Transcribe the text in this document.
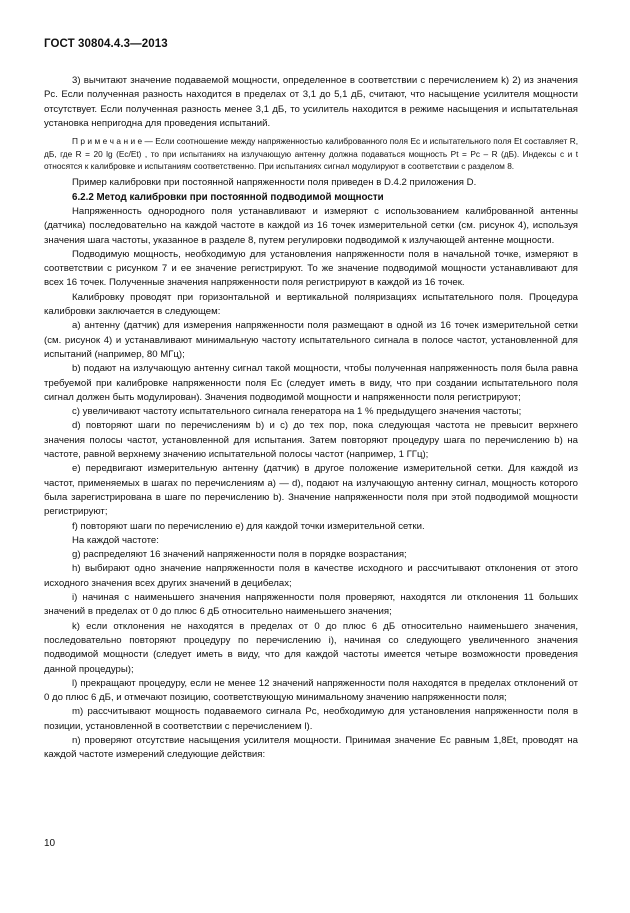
ГОСТ 30804.4.3—2013

3) вычитают значение подаваемой мощности, определенное в соответствии с перечислением k) 2) из значения Pc. Если полученная разность находится в пределах от 3,1 до 5,1 дБ, считают, что насыщение усилителя мощности отсутствует. Если полученная разность менее 3,1 дБ, то усилитель находится в режиме насыщения и испытательная установка непригодна для проведения испытаний.

П р и м е ч а н и е — Если соотношение между напряженностью калиброванного поля Ec и испытательного поля Et составляет R, дБ, где R = 20 lg (Ec/Et) , то при испытаниях на излучающую антенну должна подаваться мощность Pt = Pc – R (дБ). Индексы с и t относятся к калибровке и испытаниям соответственно. При испытаниях сигнал модулируют в соответствии с разделом 8.

Пример калибровки при постоянной напряженности поля приведен в D.4.2 приложения D.

6.2.2 Метод калибровки при постоянной подводимой мощности

Напряженность однородного поля устанавливают и измеряют с использованием калиброванной антенны (датчика) последовательно на каждой частоте в каждой из 16 точек измерительной сетки (см. рисунок 4), используя значения шага частоты, указанное в разделе 8, путем регулировки подводимой к излучающей антенне мощности.

Подводимую мощность, необходимую для установления напряженности поля в начальной точке, измеряют в соответствии с рисунком 7 и ее значение регистрируют. То же значение подводимой мощности устанавливают для всех 16 точек. Полученные значения напряженности поля регистрируют в каждой из 16 точек.

Калибровку проводят при горизонтальной и вертикальной поляризациях испытательного поля. Процедура калибровки заключается в следующем:

a) антенну (датчик) для измерения напряженности поля размещают в одной из 16 точек измерительной сетки (см. рисунок 4) и устанавливают минимальную частоту испытательного сигнала в полосе частот, установленной для испытаний (например, 80 МГц);

b) подают на излучающую антенну сигнал такой мощности, чтобы полученная напряженность поля была равна требуемой при калибровке напряженности поля Ec (следует иметь в виду, что при создании испытательного поля сигнал должен быть модулирован). Значения подводимой мощности и напряженности поля регистрируют;

c) увеличивают частоту испытательного сигнала генератора на 1 % предыдущего значения частоты;

d) повторяют шаги по перечислениям b) и c) до тех пор, пока следующая частота не превысит верхнего значения полосы частот, установленной для испытания. Затем повторяют процедуру шага по перечислению b) на частоте, равной верхнему значению испытательной полосы частот (например, 1 ГГц);

e) передвигают измерительную антенну (датчик) в другое положение измерительной сетки. Для каждой из частот, применяемых в шагах по перечислениям a) — d), подают на излучающую антенну сигнал, мощность которого была зарегистрирована в шаге по перечислению b). Значение напряженности поля при этой подводимой мощности регистрируют;

f) повторяют шаги по перечислению e) для каждой точки измерительной сетки.

На каждой частоте:

g) распределяют 16 значений напряженности поля в порядке возрастания;

h) выбирают одно значение напряженности поля в качестве исходного и рассчитывают отклонения от этого исходного значения всех других значений в децибелах;

i) начиная с наименьшего значения напряженности поля проверяют, находятся ли отклонения 11 больших значений в пределах от 0 до плюс 6 дБ относительно наименьшего значения;

k) если отклонения не находятся в пределах от 0 до плюс 6 дБ относительно наименьшего значения, последовательно повторяют процедуру по перечислению i), начиная со следующего увеличенного значения подводимой мощности (следует иметь в виду, что для каждой частоты имеется четыре возможности проведения данной процедуры);

l) прекращают процедуру, если не менее 12 значений напряженности поля находятся в пределах отклонений от 0 до плюс 6 дБ, и отмечают позицию, соответствующую минимальному значению напряженности поля;

m) рассчитывают мощность подаваемого сигнала Pc, необходимую для установления напряженности поля в позиции, установленной в соответствии с перечислением l).

n) проверяют отсутствие насыщения усилителя мощности. Принимая значение Ec равным 1,8Et, проводят на каждой частоте измерений следующие действия:

10
